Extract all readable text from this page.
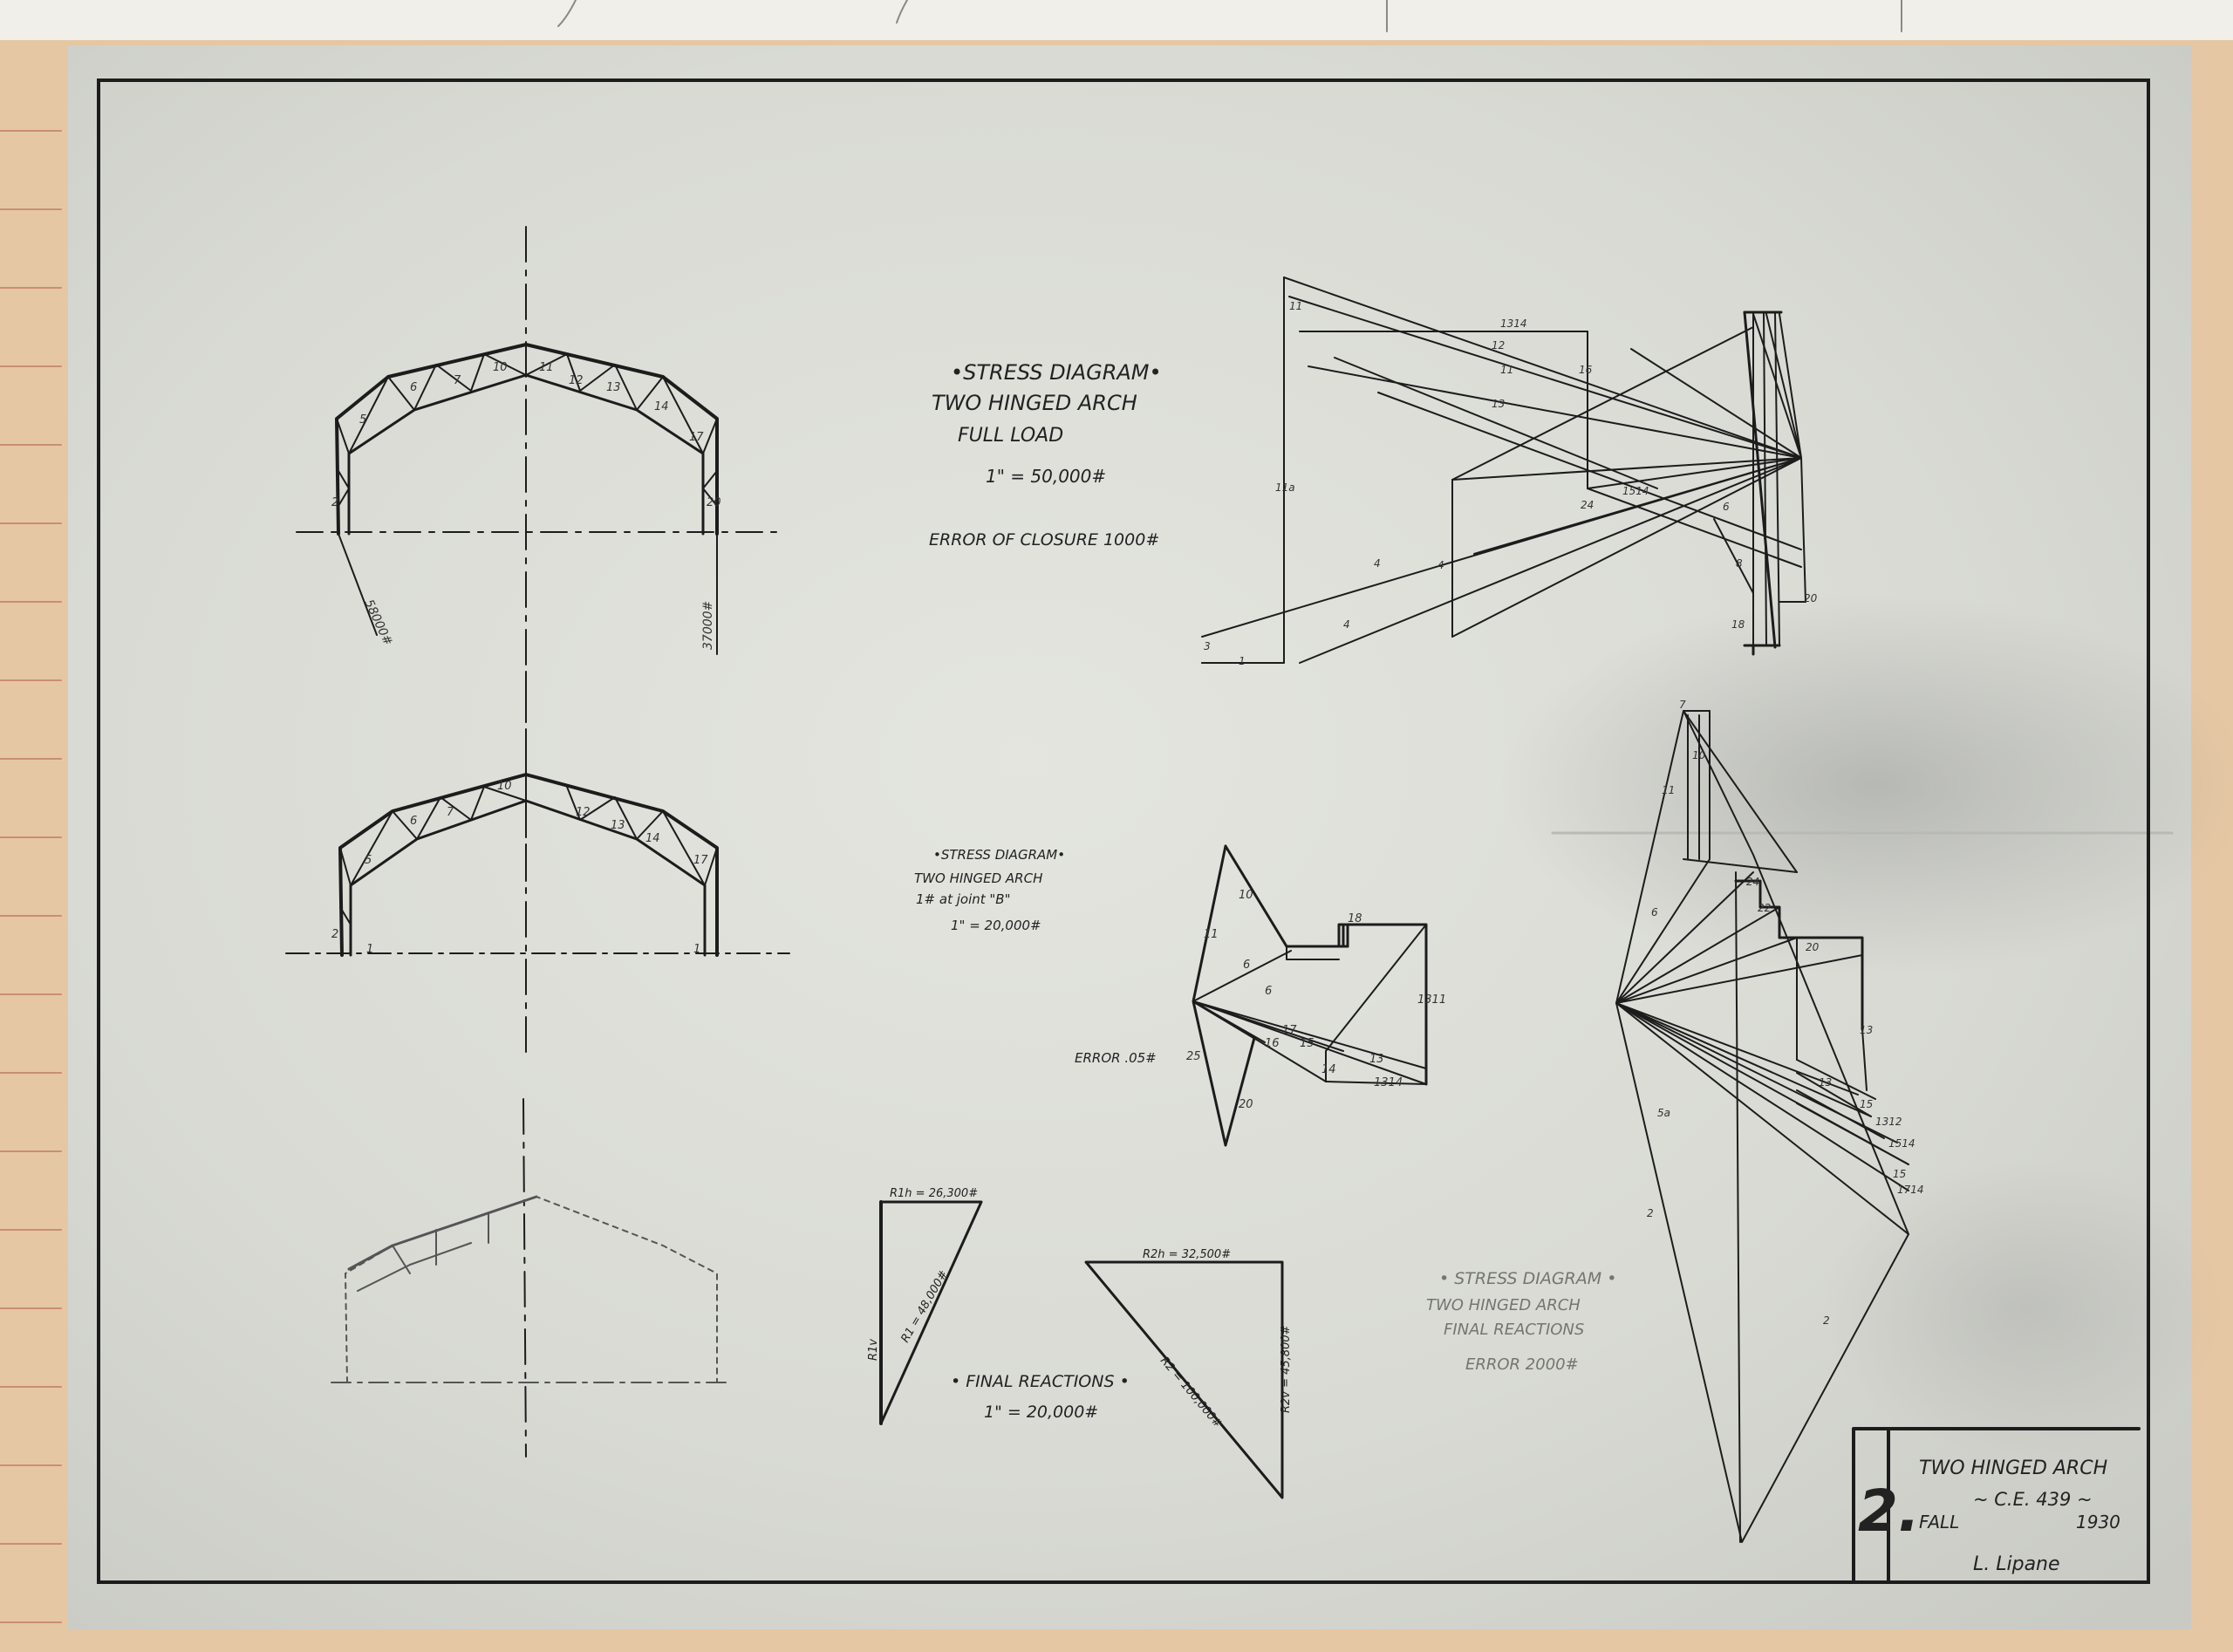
5
6
7
10	11
12
13
14
17
2	20
58000#	37000#
5
6
7
10
12
13
14
17
2
1	1
•STRESS DIAGRAM•
TWO HINGED ARCH
FULL LOAD
1" = 50,000#
ERROR OF CLOSURE 1000#
•STRESS DIAGRAM•
TWO HINGED ARCH
1# at joint "B"
1" = 20,000#
ERROR .05#
• FINAL REACTIONS •
1" = 20,000#
• STRESS DIAGRAM •
TWO HINGED ARCH
FINAL REACTIONS
ERROR 2000#
11
1314
12
11
13
11a
4
4
4
3
1
16
24
1514
6
8
18
20
10
11
6
6
17
16 15
14
13
1314
1311
18
25
20
R1h = 26,300#
R1v
R1 = 48,000#
R2h = 32,500#
R2v = 45,800#
R2 = 100,000#
7
10
11
6
5a
2
24
22
20
13
13
15
1312
1514
15
1714
2
2.
TWO HINGED ARCH
~ C.E. 439 ~
FALL	1930
L. Lipane
